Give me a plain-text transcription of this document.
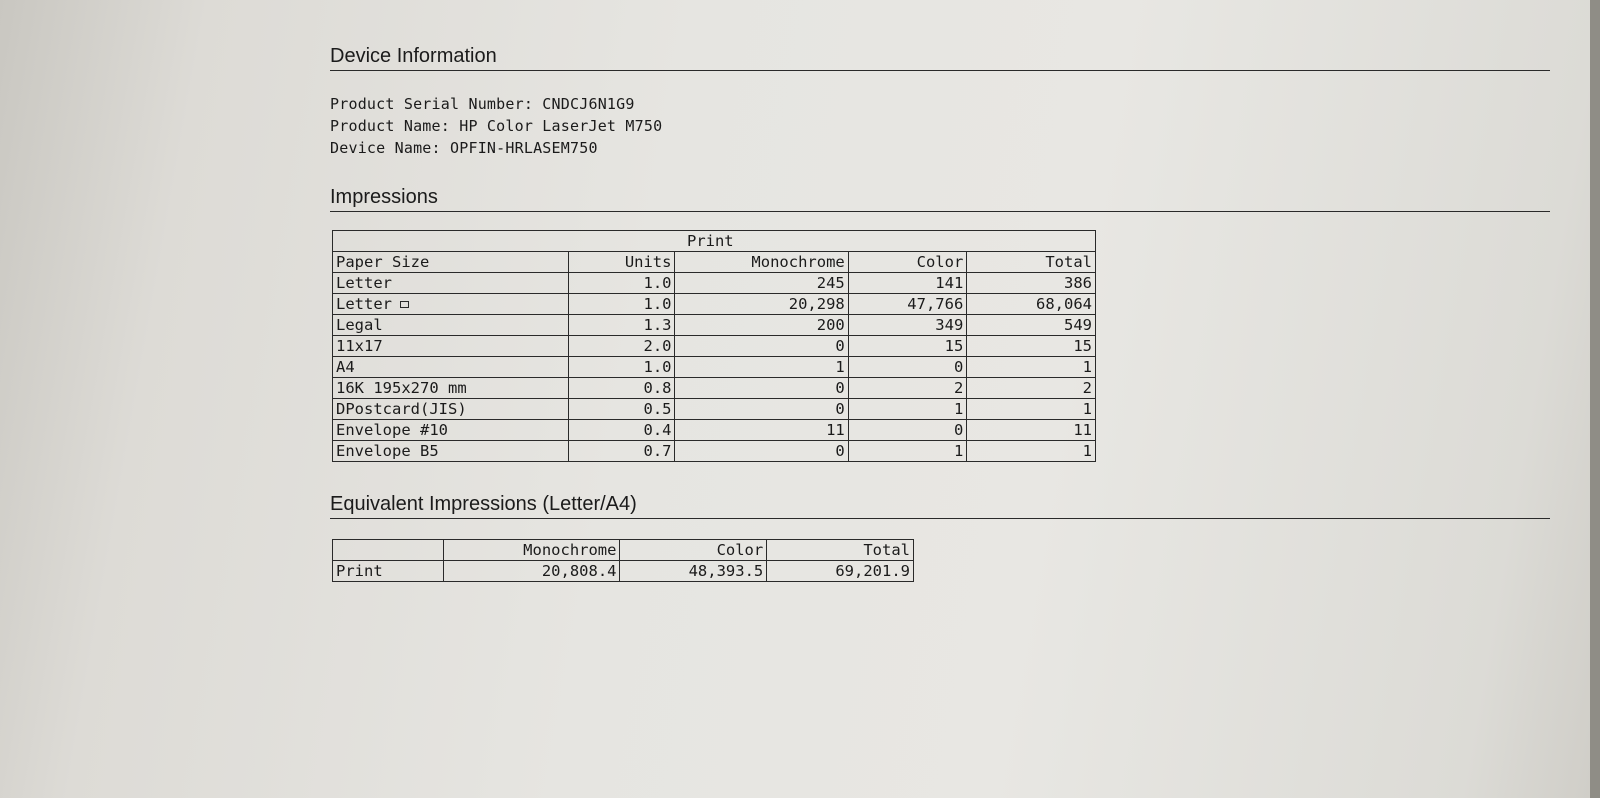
Device Information
Product Serial Number: CNDCJ6N1G9
Product Name: HP Color LaserJet M750
Device Name: OPFIN-HRLASEM750
Impressions
		Print		
Paper Size	Units	Monochrome	Color	Total
Letter	1.0	245	141	386
Letter	1.0	20,298	47,766	68,064
Legal	1.3	200	349	549
11x17	2.0	0	15	15
A4	1.0	1	0	1
16K 195x270 mm	0.8	0	2	2
DPostcard(JIS)	0.5	0	1	1
Envelope #10	0.4	11	0	11
Envelope B5	0.7	0	1	1
Equivalent Impressions (Letter/A4)
	Monochrome	Color	Total
Print	20,808.4	48,393.5	69,201.9
